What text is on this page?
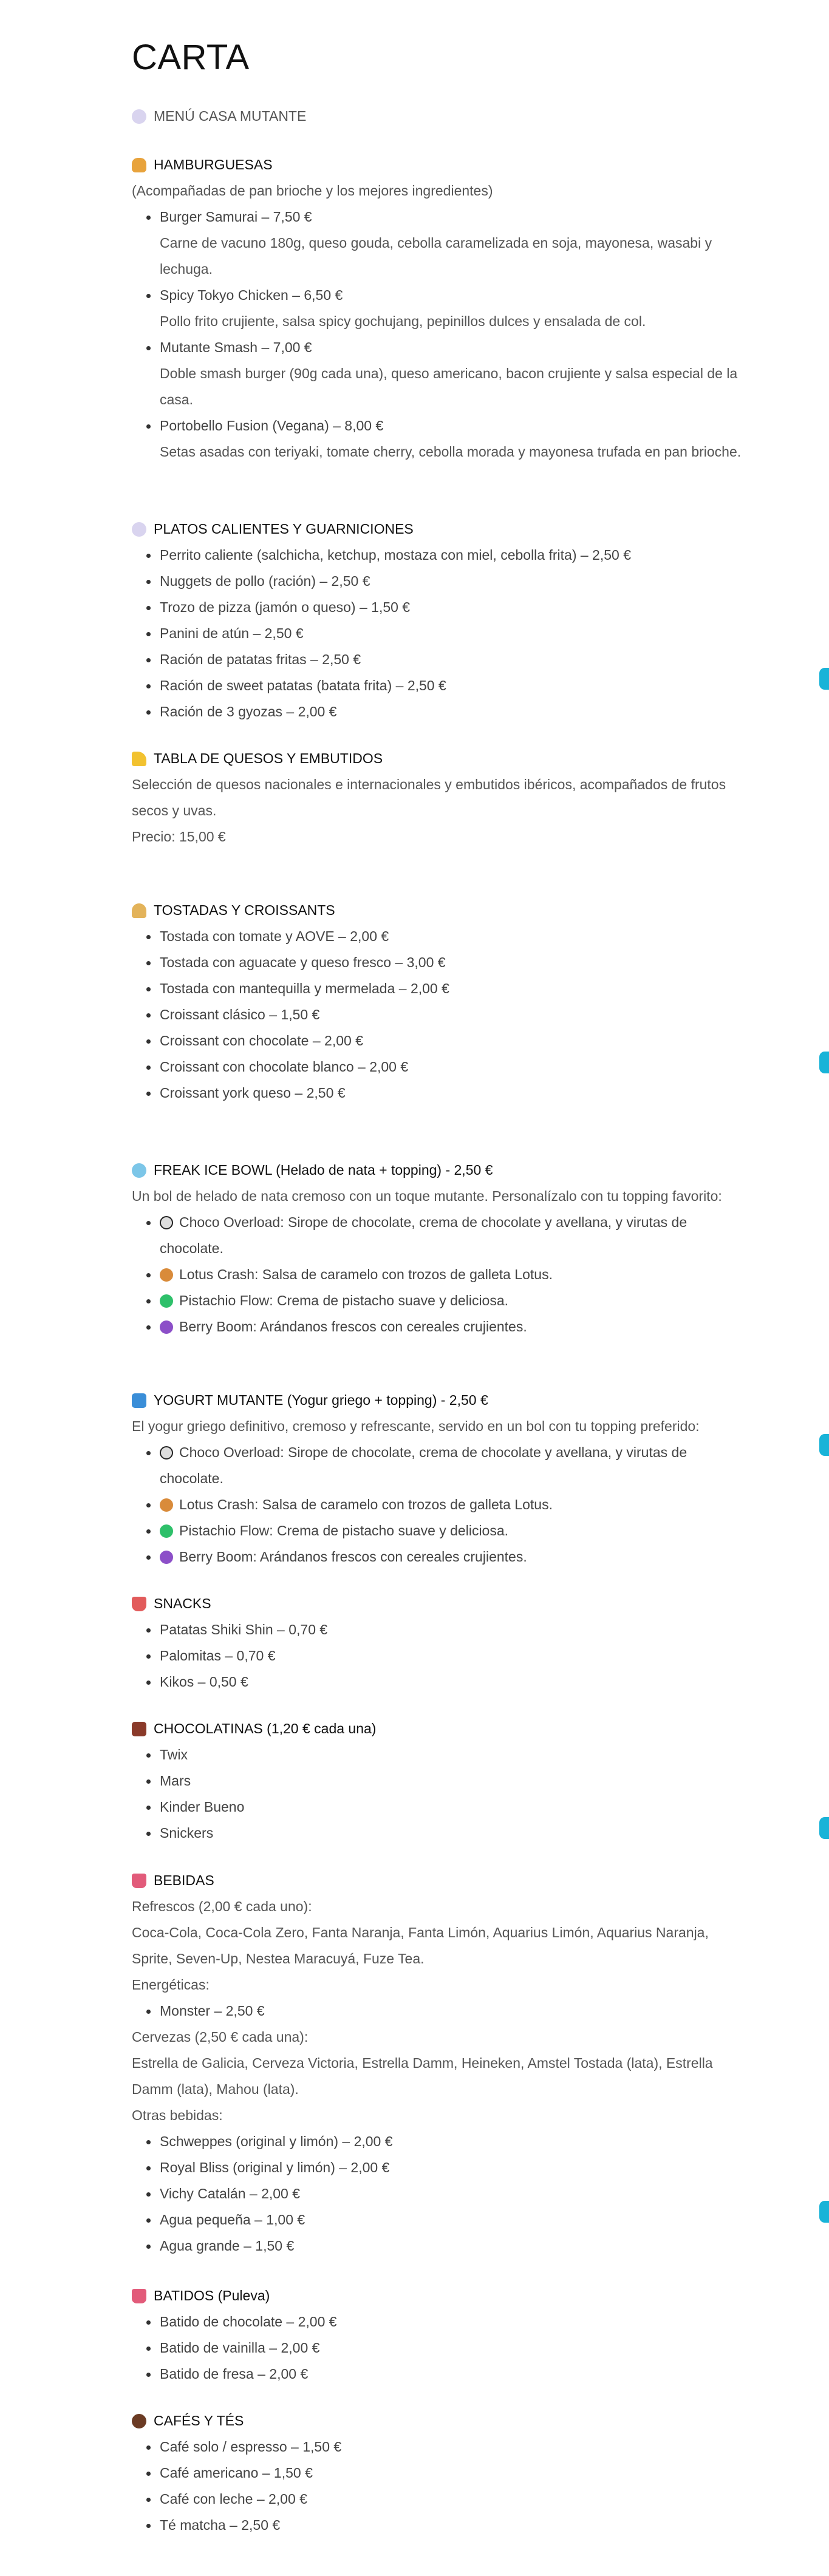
CARTA
MENÚ CASA MUTANTE
HAMBURGUESAS
(Acompañadas de pan brioche y los mejores ingredientes)
Burger Samurai – 7,50 €
Carne de vacuno 180g, queso gouda, cebolla caramelizada en soja, mayonesa, wasabi y lechuga.
Spicy Tokyo Chicken – 6,50 €
Pollo frito crujiente, salsa spicy gochujang, pepinillos dulces y ensalada de col.
Mutante Smash – 7,00 €
Doble smash burger (90g cada una), queso americano, bacon crujiente y salsa especial de la casa.
Portobello Fusion (Vegana) – 8,00 €
Setas asadas con teriyaki, tomate cherry, cebolla morada y mayonesa trufada en pan brioche.
PLATOS CALIENTES Y GUARNICIONES
Perrito caliente (salchicha, ketchup, mostaza con miel, cebolla frita) – 2,50 €
Nuggets de pollo (ración) – 2,50 €
Trozo de pizza (jamón o queso) – 1,50 €
Panini de atún – 2,50 €
Ración de patatas fritas – 2,50 €
Ración de sweet patatas (batata frita) – 2,50 €
Ración de 3 gyozas – 2,00 €
TABLA DE QUESOS Y EMBUTIDOS
Selección de quesos nacionales e internacionales y embutidos ibéricos, acompañados de frutos secos y uvas.
Precio: 15,00 €
TOSTADAS Y CROISSANTS
Tostada con tomate y AOVE – 2,00 €
Tostada con aguacate y queso fresco – 3,00 €
Tostada con mantequilla y mermelada – 2,00 €
Croissant clásico – 1,50 €
Croissant con chocolate – 2,00 €
Croissant con chocolate blanco – 2,00 €
Croissant york queso – 2,50 €
FREAK ICE BOWL (Helado de nata + topping) - 2,50 €
Un bol de helado de nata cremoso con un toque mutante. Personalízalo con tu topping favorito:
Choco Overload: Sirope de chocolate, crema de chocolate y avellana, y virutas de chocolate.
Lotus Crash: Salsa de caramelo con trozos de galleta Lotus.
Pistachio Flow: Crema de pistacho suave y deliciosa.
Berry Boom: Arándanos frescos con cereales crujientes.
YOGURT MUTANTE (Yogur griego + topping) - 2,50 €
El yogur griego definitivo, cremoso y refrescante, servido en un bol con tu topping preferido:
Choco Overload: Sirope de chocolate, crema de chocolate y avellana, y virutas de chocolate.
Lotus Crash: Salsa de caramelo con trozos de galleta Lotus.
Pistachio Flow: Crema de pistacho suave y deliciosa.
Berry Boom: Arándanos frescos con cereales crujientes.
SNACKS
Patatas Shiki Shin – 0,70 €
Palomitas – 0,70 €
Kikos – 0,50 €
CHOCOLATINAS (1,20 € cada una)
Twix
Mars
Kinder Bueno
Snickers
BEBIDAS
Refrescos (2,00 € cada uno):
Coca-Cola, Coca-Cola Zero, Fanta Naranja, Fanta Limón, Aquarius Limón, Aquarius Naranja, Sprite, Seven-Up, Nestea Maracuyá, Fuze Tea.
Energéticas:
Monster – 2,50 €
Cervezas (2,50 € cada una):
Estrella de Galicia, Cerveza Victoria, Estrella Damm, Heineken, Amstel Tostada (lata), Estrella Damm (lata), Mahou (lata).
Otras bebidas:
Schweppes (original y limón) – 2,00 €
Royal Bliss (original y limón) – 2,00 €
Vichy Catalán – 2,00 €
Agua pequeña – 1,00 €
Agua grande – 1,50 €
BATIDOS (Puleva)
Batido de chocolate – 2,00 €
Batido de vainilla – 2,00 €
Batido de fresa – 2,00 €
CAFÉS Y TÉS
Café solo / espresso – 1,50 €
Café americano – 1,50 €
Café con leche – 2,00 €
Té matcha – 2,50 €
